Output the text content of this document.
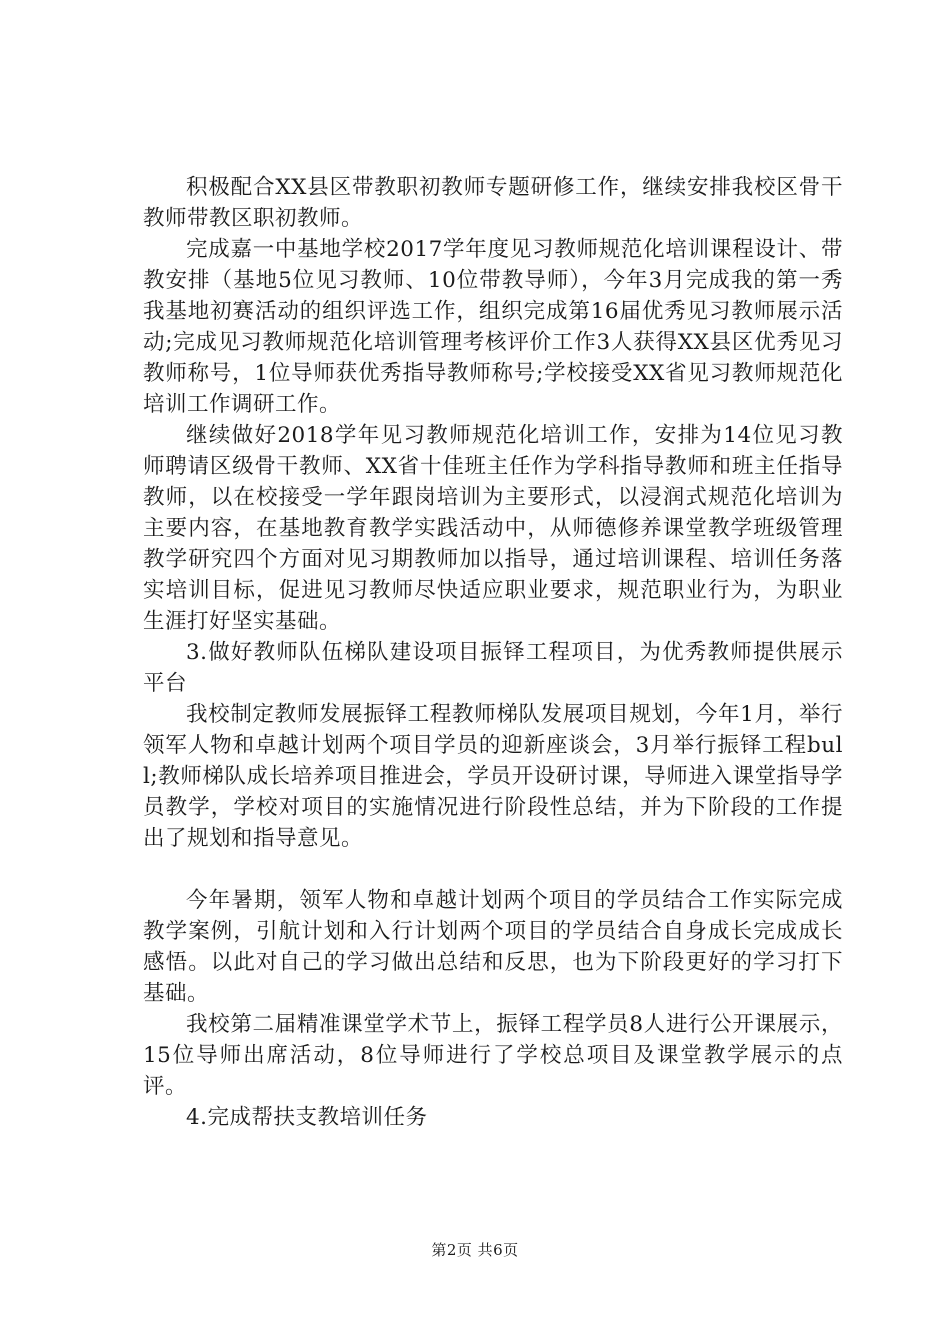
积极配合XX县区带教职初教师专题研修工作，继续安排我校区骨干教师带教区职初教师。

完成嘉一中基地学校2017学年度见习教师规范化培训课程设计、带教安排（基地5位见习教师、10位带教导师），今年3月完成我的第一秀我基地初赛活动的组织评选工作，组织完成第16届优秀见习教师展示活动;完成见习教师规范化培训管理考核评价工作3人获得XX县区优秀见习教师称号，1位导师获优秀指导教师称号;学校接受XX省见习教师规范化培训工作调研工作。

继续做好2018学年见习教师规范化培训工作，安排为14位见习教师聘请区级骨干教师、XX省十佳班主任作为学科指导教师和班主任指导教师，以在校接受一学年跟岗培训为主要形式，以浸润式规范化培训为主要内容，在基地教育教学实践活动中，从师德修养课堂教学班级管理教学研究四个方面对见习期教师加以指导，通过培训课程、培训任务落实培训目标，促进见习教师尽快适应职业要求，规范职业行为，为职业生涯打好坚实基础。

3.做好教师队伍梯队建设项目振铎工程项目，为优秀教师提供展示平台

我校制定教师发展振铎工程教师梯队发展项目规划，今年1月，举行领军人物和卓越计划两个项目学员的迎新座谈会，3月举行振铎工程bull;教师梯队成长培养项目推进会，学员开设研讨课，导师进入课堂指导学员教学，学校对项目的实施情况进行阶段性总结，并为下阶段的工作提出了规划和指导意见。

今年暑期，领军人物和卓越计划两个项目的学员结合工作实际完成教学案例，引航计划和入行计划两个项目的学员结合自身成长完成成长感悟。以此对自己的学习做出总结和反思，也为下阶段更好的学习打下基础。

我校第二届精准课堂学术节上，振铎工程学员8人进行公开课展示，15位导师出席活动，8位导师进行了学校总项目及课堂教学展示的点评。

4.完成帮扶支教培训任务

第2页 共6页
